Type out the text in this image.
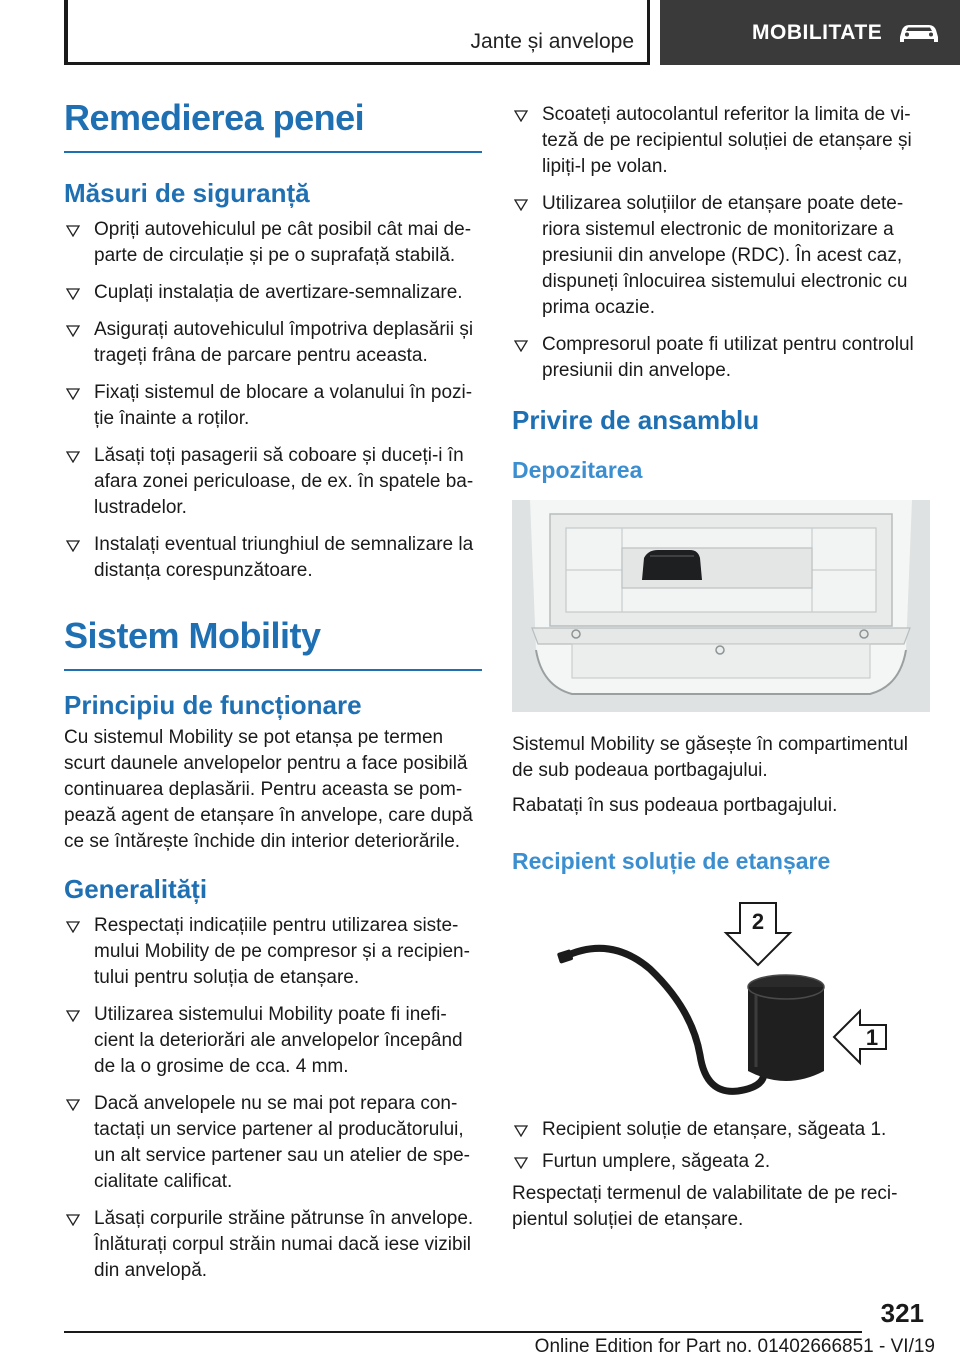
Jante și anvelope	MOBILITATE
Remedierea penei
Măsuri de siguranță
Opriți autovehiculul pe cât posibil cât mai de-parte de circulație și pe o suprafață stabilă.
Cuplați instalația de avertizare-semnalizare.
Asigurați autovehiculul împotriva deplasării și trageți frâna de parcare pentru aceasta.
Fixați sistemul de blocare a volanului în pozi-ție înainte a roților.
Lăsați toți pasagerii să coboare și duceți-i în afara zonei periculoase, de ex. în spatele ba-lustradelor.
Instalați eventual triunghiul de semnalizare la distanța corespunzătoare.
Sistem Mobility
Principiu de funcționare

Cu sistemul Mobility se pot etanșa pe termen scurt daunele anvelopelor pentru a face posibilă continuarea deplasării. Pentru aceasta se pom-pează agent de etanșare în anvelope, care după ce se întărește închide din interior deteriorările.

Generalități
Respectați indicațiile pentru utilizarea siste-mului Mobility de pe compresor și a recipien-tului pentru soluția de etanșare.
Utilizarea sistemului Mobility poate fi inefi-cient la deteriorări ale anvelopelor începând de la o grosime de cca. 4 mm.
Dacă anvelopele nu se mai pot repara con-tactați un service partener al producătorului, un alt service partener sau un atelier de spe-cialitate calificat.
Lăsați corpurile străine pătrunse în anvelope. Înlăturați corpul străin numai dacă iese vizibil din anvelopă.
Scoateți autocolantul referitor la limita de vi-teză de pe recipientul soluției de etanșare și lipiți-l pe volan.
Utilizarea soluțiilor de etanșare poate dete-riora sistemul electronic de monitorizare a presiunii din anvelope (RDC). În acest caz, dispuneți înlocuirea sistemului electronic cu prima ocazie.
Compresorul poate fi utilizat pentru controlul presiunii din anvelope.
Privire de ansamblu
Depozitarea

Sistemul Mobility se găsește în compartimentul de sub podeaua portbagajului.

Rabatați în sus podeaua portbagajului.

Recipient soluție de etanșare
2
1
Recipient soluție de etanșare, săgeata 1.
Furtun umplere, săgeata 2.

Respectați termenul de valabilitate de pe reci-pientul soluției de etanșare.

321
Online Edition for Part no. 01402666851 - VI/19
